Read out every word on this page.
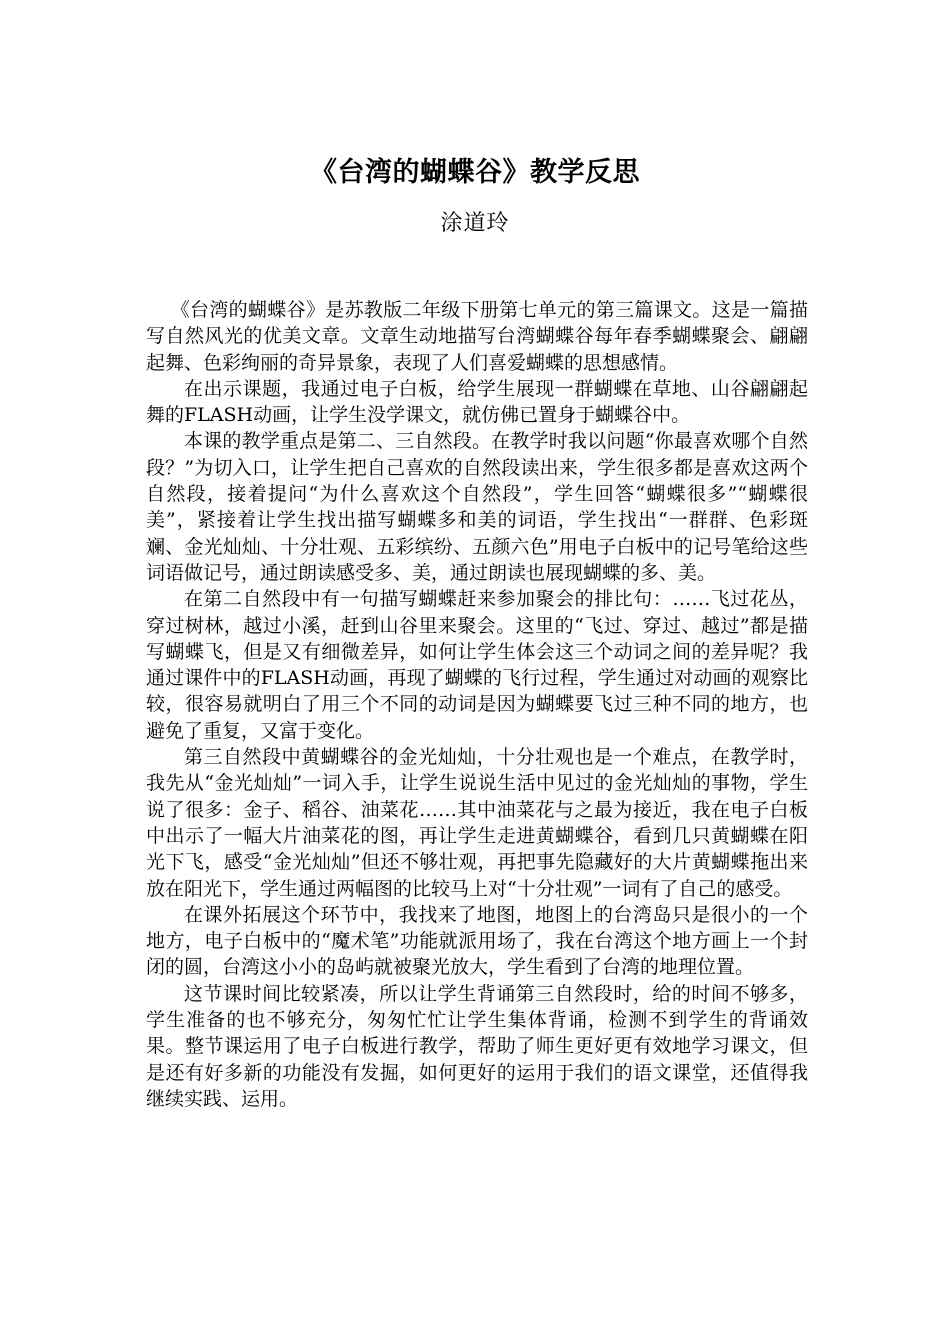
《台湾的蝴蝶谷》教学反思
涂道玲

《台湾的蝴蝶谷》是苏教版二年级下册第七单元的第三篇课文。这是一篇描写自然风光的优美文章。文章生动地描写台湾蝴蝶谷每年春季蝴蝶聚会、翩翩起舞、色彩绚丽的奇异景象，表现了人们喜爱蝴蝶的思想感情。

在出示课题，我通过电子白板，给学生展现一群蝴蝶在草地、山谷翩翩起舞的FLASH动画，让学生没学课文，就仿佛已置身于蝴蝶谷中。

本课的教学重点是第二、三自然段。在教学时我以问题“你最喜欢哪个自然段？”为切入口，让学生把自己喜欢的自然段读出来，学生很多都是喜欢这两个自然段，接着提问“为什么喜欢这个自然段”，学生回答“蝴蝶很多”“蝴蝶很美”，紧接着让学生找出描写蝴蝶多和美的词语，学生找出“一群群、色彩斑斓、金光灿灿、十分壮观、五彩缤纷、五颜六色”用电子白板中的记号笔给这些词语做记号，通过朗读感受多、美，通过朗读也展现蝴蝶的多、美。

在第二自然段中有一句描写蝴蝶赶来参加聚会的排比句：……飞过花丛，穿过树林，越过小溪，赶到山谷里来聚会。这里的“飞过、穿过、越过”都是描写蝴蝶飞，但是又有细微差异，如何让学生体会这三个动词之间的差异呢？我通过课件中的FLASH动画，再现了蝴蝶的飞行过程，学生通过对动画的观察比较，很容易就明白了用三个不同的动词是因为蝴蝶要飞过三种不同的地方，也避免了重复，又富于变化。

第三自然段中黄蝴蝶谷的金光灿灿，十分壮观也是一个难点，在教学时，我先从“金光灿灿”一词入手，让学生说说生活中见过的金光灿灿的事物，学生说了很多：金子、稻谷、油菜花……其中油菜花与之最为接近，我在电子白板中出示了一幅大片油菜花的图，再让学生走进黄蝴蝶谷，看到几只黄蝴蝶在阳光下飞，感受“金光灿灿”但还不够壮观，再把事先隐藏好的大片黄蝴蝶拖出来放在阳光下，学生通过两幅图的比较马上对“十分壮观”一词有了自己的感受。

在课外拓展这个环节中，我找来了地图，地图上的台湾岛只是很小的一个地方，电子白板中的“魔术笔”功能就派用场了，我在台湾这个地方画上一个封闭的圆，台湾这小小的岛屿就被聚光放大，学生看到了台湾的地理位置。

这节课时间比较紧凑，所以让学生背诵第三自然段时，给的时间不够多，学生准备的也不够充分，匆匆忙忙让学生集体背诵，检测不到学生的背诵效果。整节课运用了电子白板进行教学，帮助了师生更好更有效地学习课文，但是还有好多新的功能没有发掘，如何更好的运用于我们的语文课堂，还值得我继续实践、运用。
